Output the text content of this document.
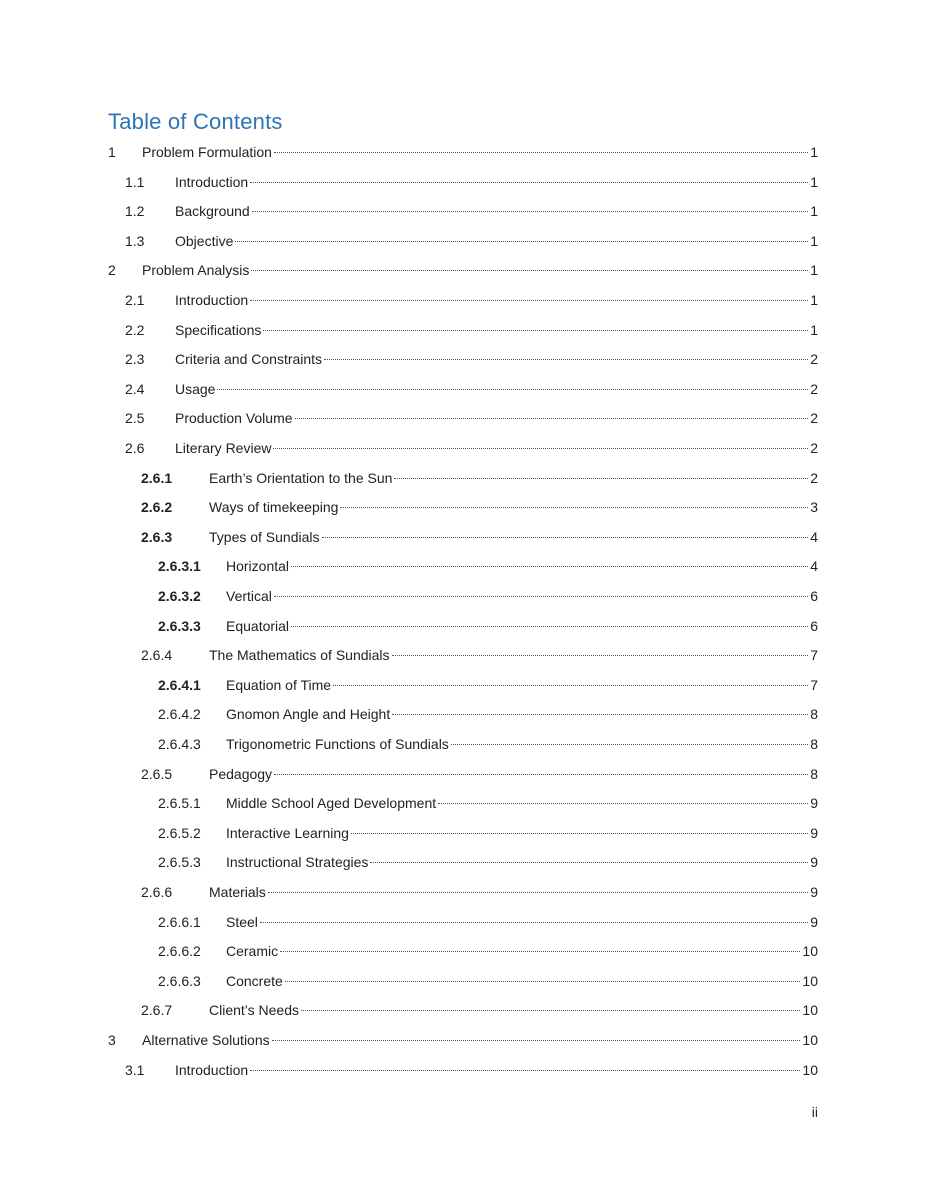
Table of Contents
1	Problem Formulation	1
1.1	Introduction	1
1.2	Background	1
1.3	Objective	1
2	Problem Analysis	1
2.1	Introduction	1
2.2	Specifications	1
2.3	Criteria and Constraints	2
2.4	Usage	2
2.5	Production Volume	2
2.6	Literary Review	2
2.6.1	Earth’s Orientation to the Sun	2
2.6.2	Ways of timekeeping	3
2.6.3	Types of Sundials	4
2.6.3.1	Horizontal	4
2.6.3.2	Vertical	6
2.6.3.3	Equatorial	6
2.6.4	The Mathematics of Sundials	7
2.6.4.1	Equation of Time	7
2.6.4.2	Gnomon Angle and Height	8
2.6.4.3	Trigonometric Functions of Sundials	8
2.6.5	Pedagogy	8
2.6.5.1	Middle School Aged Development	9
2.6.5.2	Interactive Learning	9
2.6.5.3	Instructional Strategies	9
2.6.6	Materials	9
2.6.6.1	Steel	9
2.6.6.2	Ceramic	10
2.6.6.3	Concrete	10
2.6.7	Client’s Needs	10
3	Alternative Solutions	10
3.1	Introduction	10
ii
